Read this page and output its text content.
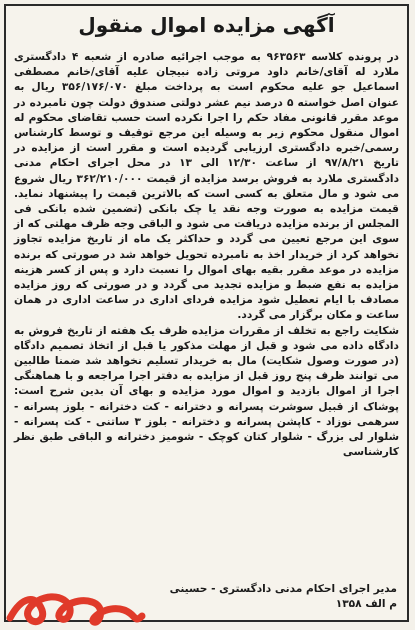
آگهی مزایده اموال منقول

در پرونده کلاسه ۹۶۳۵۶۳ به موجب اجرائیه صادره از شعبه ۴ دادگستری ملارد له آقای/خانم داود مروتی زاده نبیجان علیه آقای/خانم مصطفی اسماعیل جو علیه محکوم است به پرداخت مبلغ ۳۵۶/۱۷۶/۰۷۰ ریال به عنوان اصل خواسته ۵ درصد نیم عشر دولتی صندوق دولت چون نامبرده در موعد مقرر قانونی مفاد حکم را اجرا نکرده است حسب تقاضای محکوم له اموال منقول محکوم زیر به وسیله این مرجع توقیف و توسط کارشناس رسمی/خبره دادگستری ارزیابی گردیده است و مقرر است از مزایده در تاریخ ۹۷/۸/۲۱ از ساعت ۱۲/۳۰ الی ۱۳ در محل اجرای احکام مدنی دادگستری ملارد به فروش برسد مزایده از قیمت ۳۶۲/۲۱۰/۰۰۰ ریال شروع می شود و مال متعلق به کسی است که بالاترین قیمت را پیشنهاد نماید. قیمت مزایده به صورت وجه نقد یا چک بانکی (تضمین شده بانکی فی المجلس از برنده مزایده دریافت می شود و الباقی وجه ظرف مهلتی که از سوی این مرجع تعیین می گردد و حداکثر یک ماه از تاریخ مزایده تجاوز نخواهد کرد از خریدار اخذ به نامبرده تحویل خواهد شد در صورتی که برنده مزایده در موعد مقرر بقیه بهای اموال را نسبت دارد و پس از کسر هزینه مزایده به نفع ضبط و مزایده تجدید می گردد و در صورتی که روز مزایده مصادف با ایام تعطیل شود مزایده فردای اداری در ساعت اداری در همان ساعت و مکان برگزار می گردد.

شکایت راجع به تخلف از مقررات مزایده ظرف یک هفته از تاریخ فروش به دادگاه داده می شود و قبل از مهلت مذکور یا قبل از اتخاذ تصمیم دادگاه (در صورت وصول شکایت) مال به خریدار تسلیم نخواهد شد ضمنا طالبین می توانند ظرف پنج روز قبل از مزایده به دفتر اجرا مراجعه و با هماهنگی اجرا از اموال بازدید و اموال مورد مزایده و بهای آن بدین شرح است: پوشاک از قبیل سوشرت پسرانه و دخترانه - کت دخترانه - بلوز پسرانه - سرهمی نوزاد - کاپشن پسرانه و دخترانه - بلوز ۳ ساتنی - کت پسرانه - شلوار لی بزرگ - شلوار کتان کوچک - شومیز دخترانه و الباقی طبق نظر کارشناسی

مدیر اجرای احکام مدنی دادگستری - حسینی
م الف ۱۳۵۸
